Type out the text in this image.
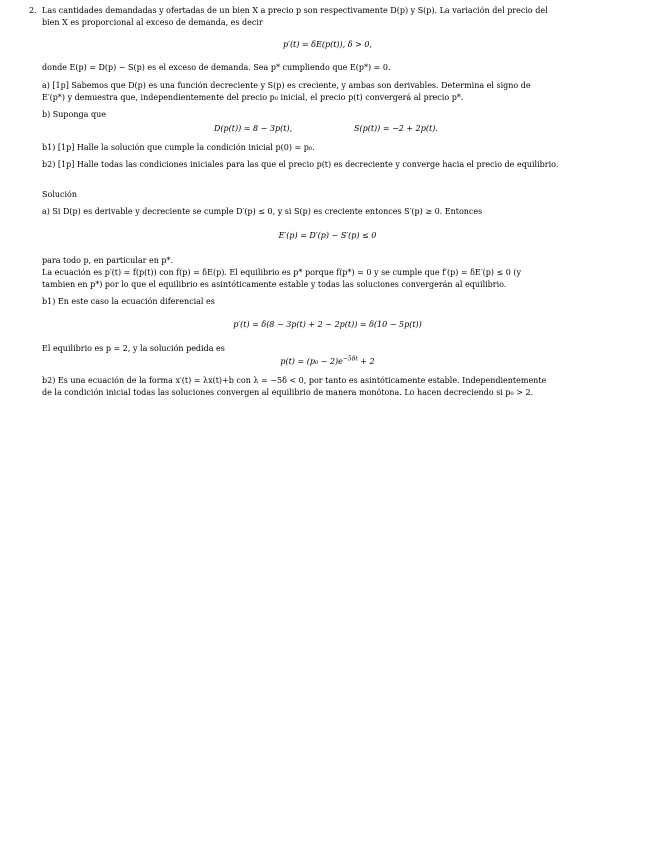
2. Las cantidades demandadas y ofertadas de un bien X a precio p son respectivamente D(p) y S(p). La variación del precio del

bien X es proporcional al exceso de demanda, es decir

p′(t) = δE(p(t)), δ > 0,

donde E(p) = D(p) − S(p) es el exceso de demanda. Sea p* cumpliendo que E(p*) = 0.

a) [1p] Sabemos que D(p) es una función decreciente y S(p) es creciente, y ambas son derivables. Determina el signo de

E′(p*) y demuestra que, independientemente del precio p₀ inicial, el precio p(t) convergerá al precio p*.

b) Suponga que

D(p(t)) = 8 − 3p(t),	S(p(t)) = −2 + 2p(t).

b1) [1p] Halle la solución que cumple la condición inicial p(0) = p₀.

b2) [1p] Halle todas las condiciones iniciales para las que el precio p(t) es decreciente y converge hacia el precio de equilibrio.

Solución

a) Si D(p) es derivable y decreciente se cumple D′(p) ≤ 0, y si S(p) es creciente entonces S′(p) ≥ 0. Entonces

E′(p) = D′(p) − S′(p) ≤ 0

para todo p, en particular en p*.

La ecuación es p′(t) = f(p(t)) con f(p) = δE(p). El equilibrio es p* porque f(p*) = 0 y se cumple que f′(p) = δE′(p) ≤ 0 (y

tambien en p*) por lo que el equilibrio es asintóticamente estable y todas las soluciones convergerán al equilibrio.

b1) En este caso la ecuación diferencial es

p′(t) = δ(8 − 3p(t) + 2 − 2p(t)) = δ(10 − 5p(t))

El equilibrio es p = 2, y la solución pedida es

$p(t) = (p_0 - 2)e^{-5\delta t} + 2$

b2) Es una ecuación de la forma x′(t) = λx(t)+b con λ = −5δ < 0, por tanto es asintóticamente estable. Independientemente

de la condición inicial todas las soluciones convergen al equilibrio de manera monótona. Lo hacen decreciendo si p₀ > 2.
